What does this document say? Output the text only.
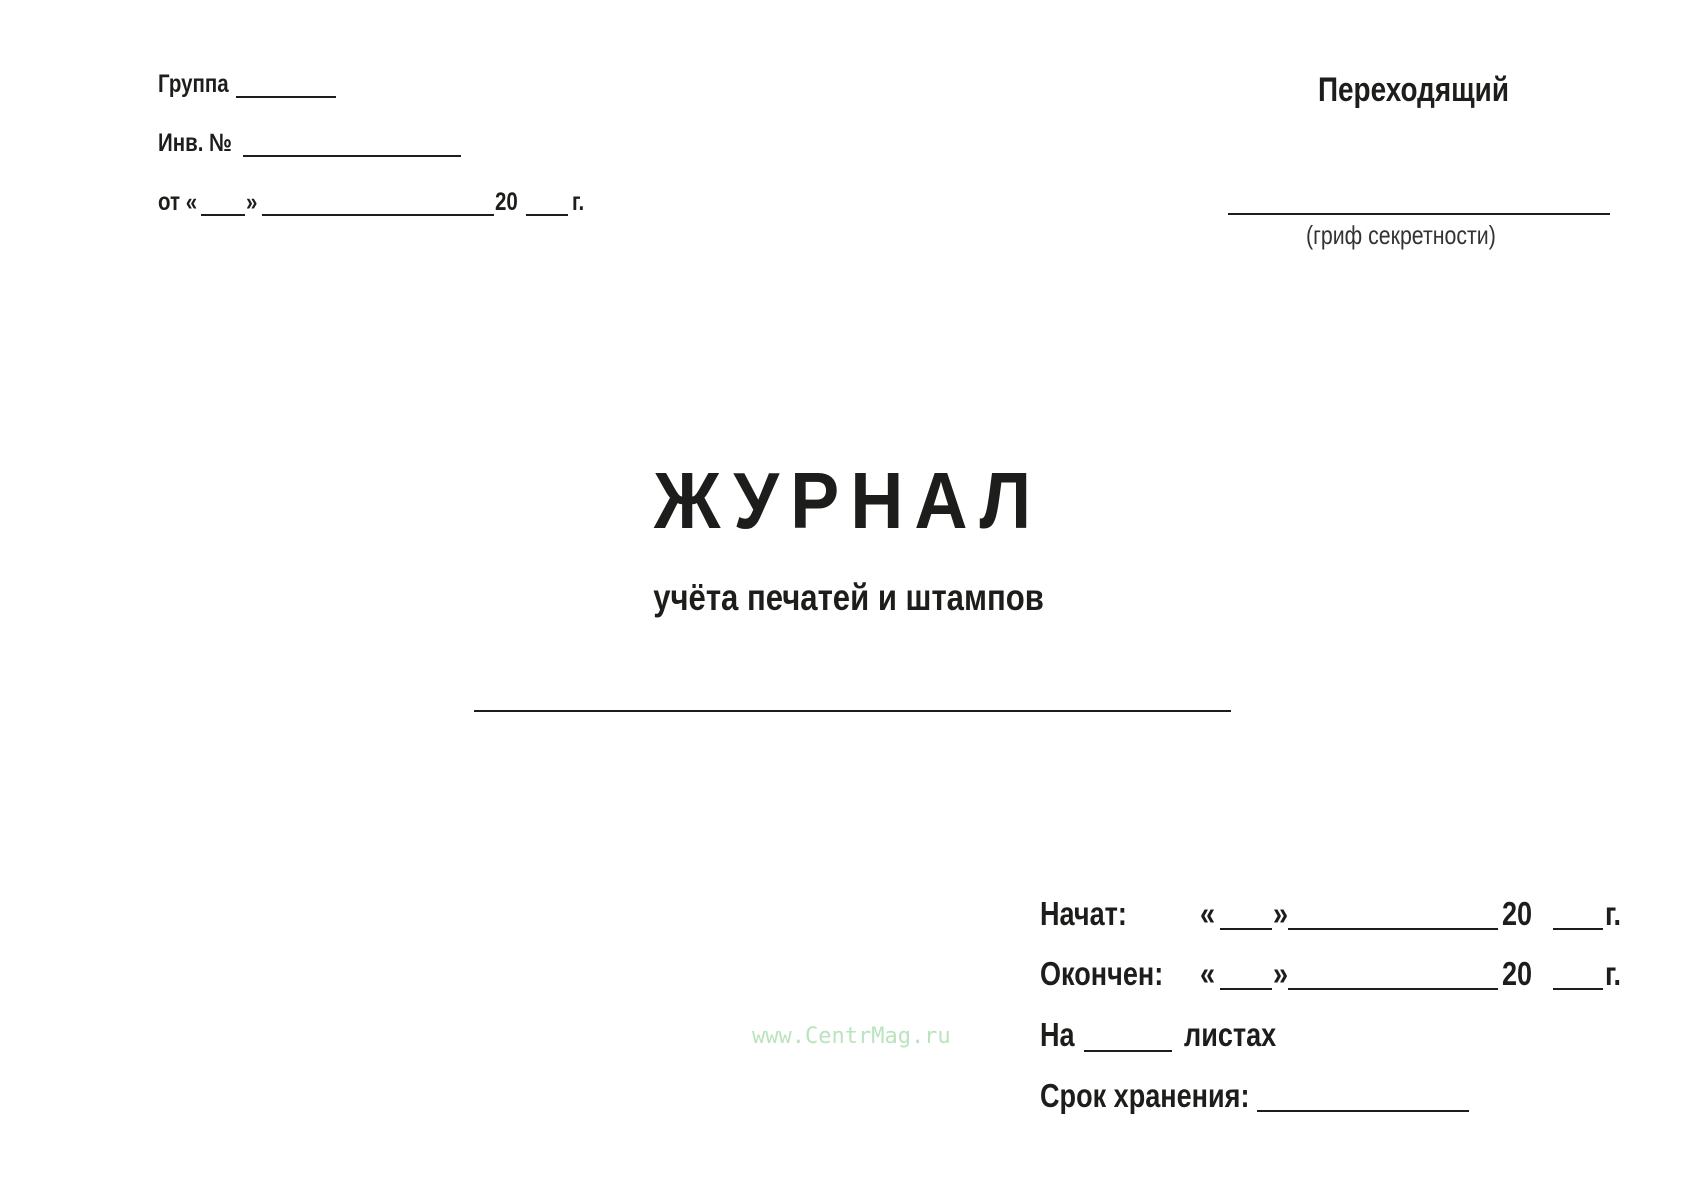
Группа
Инв. №
от «	»	20 г.
Переходящий
(гриф секретности)
ЖУРНАЛ
учёта печатей и штампов
www.CentrMag.ru
Начат:	« »	20 г.
Окончен:	« »	20 г.
На	листах
Срок хранения:
